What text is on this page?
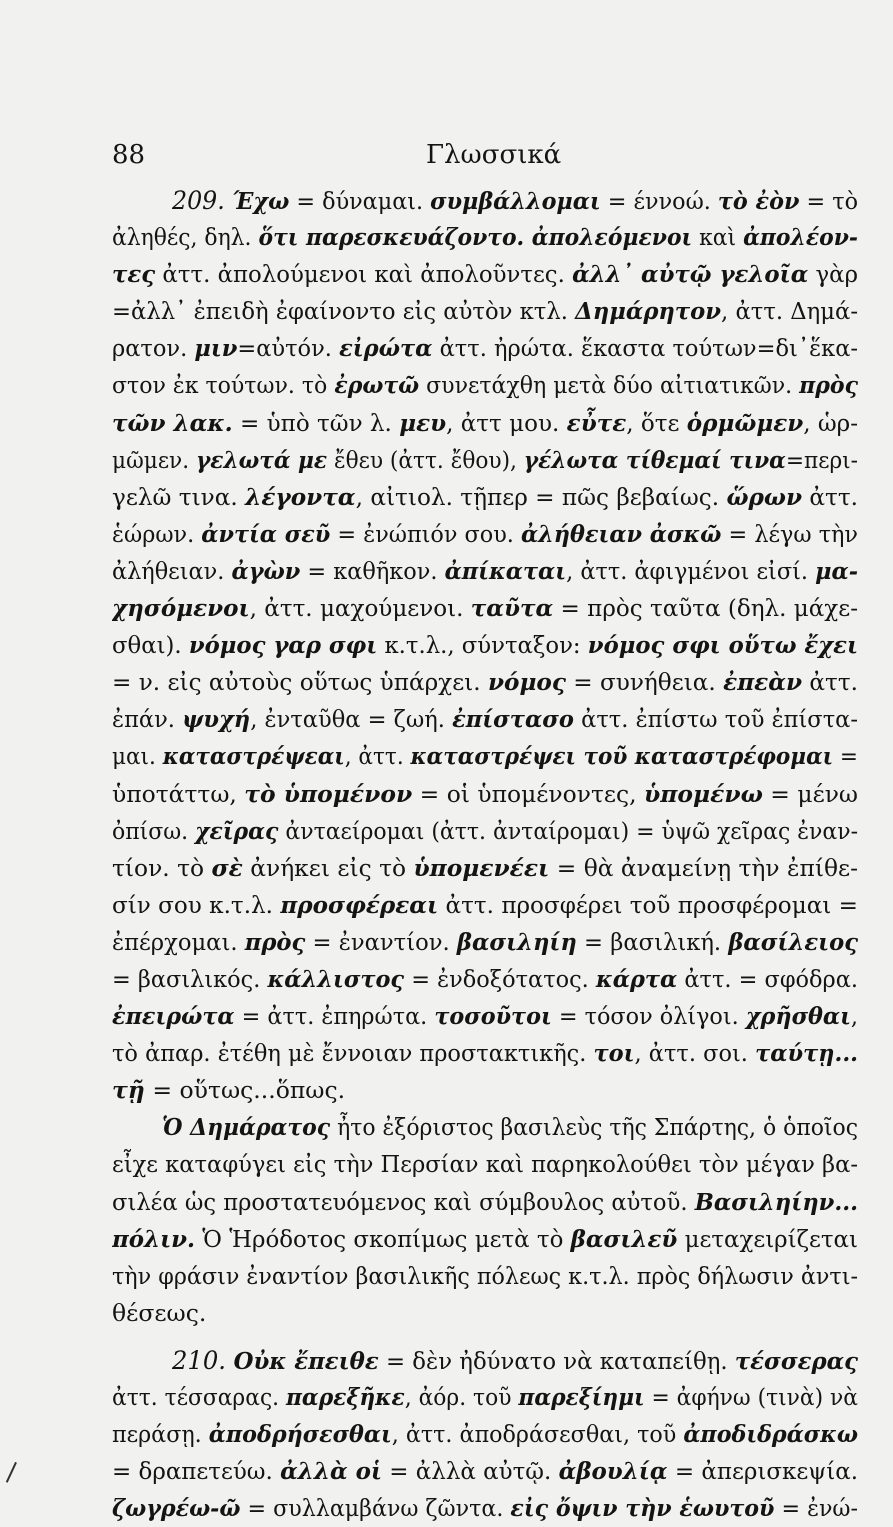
88	Γλωσσικά
209. Έχω = δύναμαι. συμβάλλομαι = έννοώ. τὸ ἐὸν = τὸ
ἀληθές, δηλ. ὅτι παρεσκευάζοντο. ἀπολεόμενοι καὶ ἀπολέον-
τες ἀττ. ἀπολούμενοι καὶ ἀπολοῦντες. ἀλλ᾽ αὐτῷ γελοῖα γὰρ
=ἀλλ᾽ ἐπειδὴ ἐφαίνοντο εἰς αὐτὸν κτλ. Δημάρητον, ἀττ. Δημά-
ρατον. μιν=αὐτόν. εἰρώτα ἀττ. ἠρώτα. ἕκαστα τούτων=δι᾽ἕκα-
στον ἐκ τούτων. τὸ ἐρωτῶ συνετάχθη μετὰ δύο αἰτιατικῶν. πρὸς
τῶν λακ. = ὑπὸ τῶν λ. μευ, ἀττ μου. εὖτε, ὅτε ὁρμῶμεν, ὡρ-
μῶμεν. γελωτά με ἔθευ (ἀττ. ἔθου), γέλωτα τίθεμαί τινα=περι-
γελῶ τινα. λέγοντα, αἰτιολ. τῇπερ = πῶς βεβαίως. ὥρων ἀττ.
ἑώρων. ἀντία σεῦ = ἐνώπιόν σου. ἀλήθειαν ἀσκῶ = λέγω τὴν
ἀλήθειαν. ἀγὼν = καθῆκον. ἀπίκαται, ἀττ. ἀφιγμένοι εἰσί. μα-
χησόμενοι, ἀττ. μαχούμενοι. ταῦτα = πρὸς ταῦτα (δηλ. μάχε-
σθαι). νόμος γαρ σφι κ.τ.λ., σύνταξον: νόμος σφι οὕτω ἔχει
= ν. εἰς αὐτοὺς οὕτως ὑπάρχει. νόμος = συνήθεια. ἐπεὰν ἀττ.
ἐπάν. ψυχή, ἐνταῦθα = ζωή. ἐπίστασο ἀττ. ἐπίστω τοῦ ἐπίστα-
μαι. καταστρέψεαι, ἀττ. καταστρέψει τοῦ καταστρέφομαι =
ὑποτάττω, τὸ ὑπομένον = οἱ ὑπομένοντες, ὑπομένω = μένω
ὀπίσω. χεῖρας ἀνταείρομαι (ἀττ. ἀνταίρομαι) = ὑψῶ χεῖρας ἐναν-
τίον. τὸ σὲ ἀνήκει εἰς τὸ ὑπομενέει = θὰ ἀναμείνῃ τὴν ἐπίθε-
σίν σου κ.τ.λ. προσφέρεαι ἀττ. προσφέρει τοῦ προσφέρομαι =
ἐπέρχομαι. πρὸς = ἐναντίον. βασιληίη = βασιλική. βασίλειος
= βασιλικός. κάλλιστος = ἐνδοξότατος. κάρτα ἀττ. = σφόδρα.
ἐπειρώτα = ἀττ. ἐπηρώτα. τοσοῦτοι = τόσον ὀλίγοι. χρῆσθαι,
τὸ ἀπαρ. ἐτέθη μὲ ἔννοιαν προστακτικῆς. τοι, ἀττ. σοι. ταύτῃ...
τῇ = οὕτως...ὅπως.
Ὁ Δημάρατος ἦτο ἐξόριστος βασιλεὺς τῆς Σπάρτης, ὁ ὁποῖος
εἶχε καταφύγει εἰς τὴν Περσίαν καὶ παρηκολούθει τὸν μέγαν βα-
σιλέα ὡς προστατευόμενος καὶ σύμβουλος αὐτοῦ. Βασιληίην...
πόλιν. Ὁ Ἡρόδοτος σκοπίμως μετὰ τὸ βασιλεῦ μεταχειρίζεται
τὴν φράσιν ἐναντίον βασιλικῆς πόλεως κ.τ.λ. πρὸς δήλωσιν ἀντι-
θέσεως.
210. Οὐκ ἔπειθε = δὲν ἠδύνατο νὰ καταπείθῃ. τέσσερας
ἀττ. τέσσαρας. παρεξῆκε, ἀόρ. τοῦ παρεξίημι = ἀφήνω (τινὰ) νὰ
περάσῃ. ἀποδρήσεσθαι, ἀττ. ἀποδράσεσθαι, τοῦ ἀποδιδράσκω
= δραπετεύω. ἀλλὰ οἱ = ἀλλὰ αὐτῷ. ἀβουλίᾳ = ἀπερισκεψία.
ζωγρέω-ῶ = συλλαμβάνω ζῶντα. εἰς ὄψιν τὴν ἑωυτοῦ = ἐνώ-
